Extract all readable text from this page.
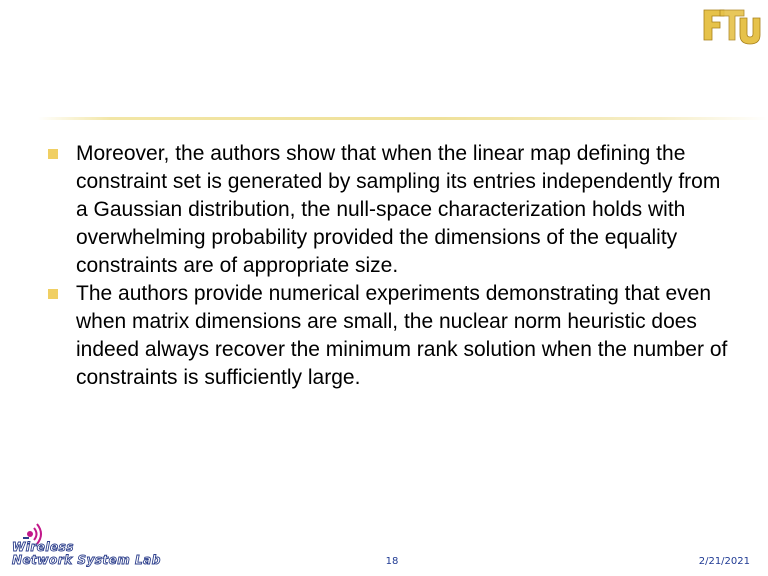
Moreover, the authors show that when the linear map defining the constraint set is generated by sampling its entries independently from a Gaussian distribution, the null-space characterization holds with overwhelming probability provided the dimensions of the equality constraints are of appropriate size.
The authors provide numerical experiments demonstrating that even when matrix dimensions are small, the nuclear norm heuristic does indeed always recover the minimum rank solution when the number of constraints is sufficiently large.
Wireless
Network System Lab	18	2/21/2021
